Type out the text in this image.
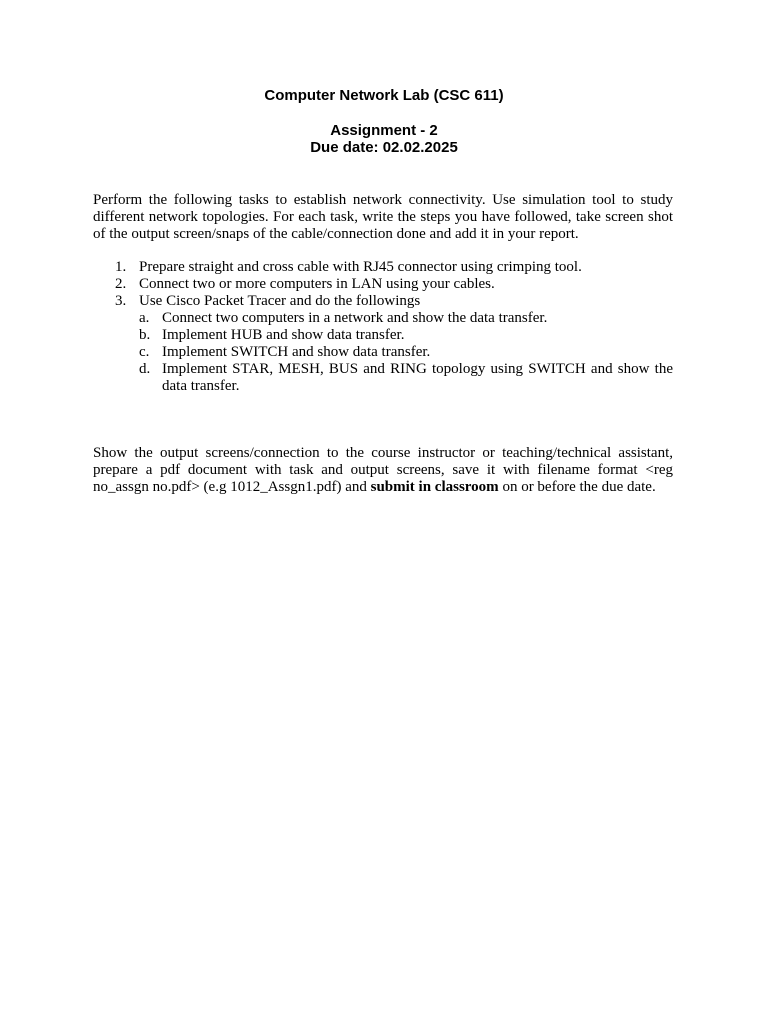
Computer Network Lab (CSC 611)
Assignment - 2
Due date: 02.02.2025
Perform the following tasks to establish network connectivity. Use simulation tool to study different network topologies. For each task, write the steps you have followed, take screen shot of the output screen/snaps of the cable/connection done and add it in your report.
1. Prepare straight and cross cable with RJ45 connector using crimping tool.
2. Connect two or more computers in LAN using your cables.
3. Use Cisco Packet Tracer and do the followings
a. Connect two computers in a network and show the data transfer.
b. Implement HUB and show data transfer.
c. Implement SWITCH and show data transfer.
d. Implement STAR, MESH, BUS and RING topology using SWITCH and show the data transfer.
Show the output screens/connection to the course instructor or teaching/technical assistant, prepare a pdf document with task and output screens, save it with filename format <reg no_assgn no.pdf> (e.g 1012_Assgn1.pdf) and submit in classroom on or before the due date.
